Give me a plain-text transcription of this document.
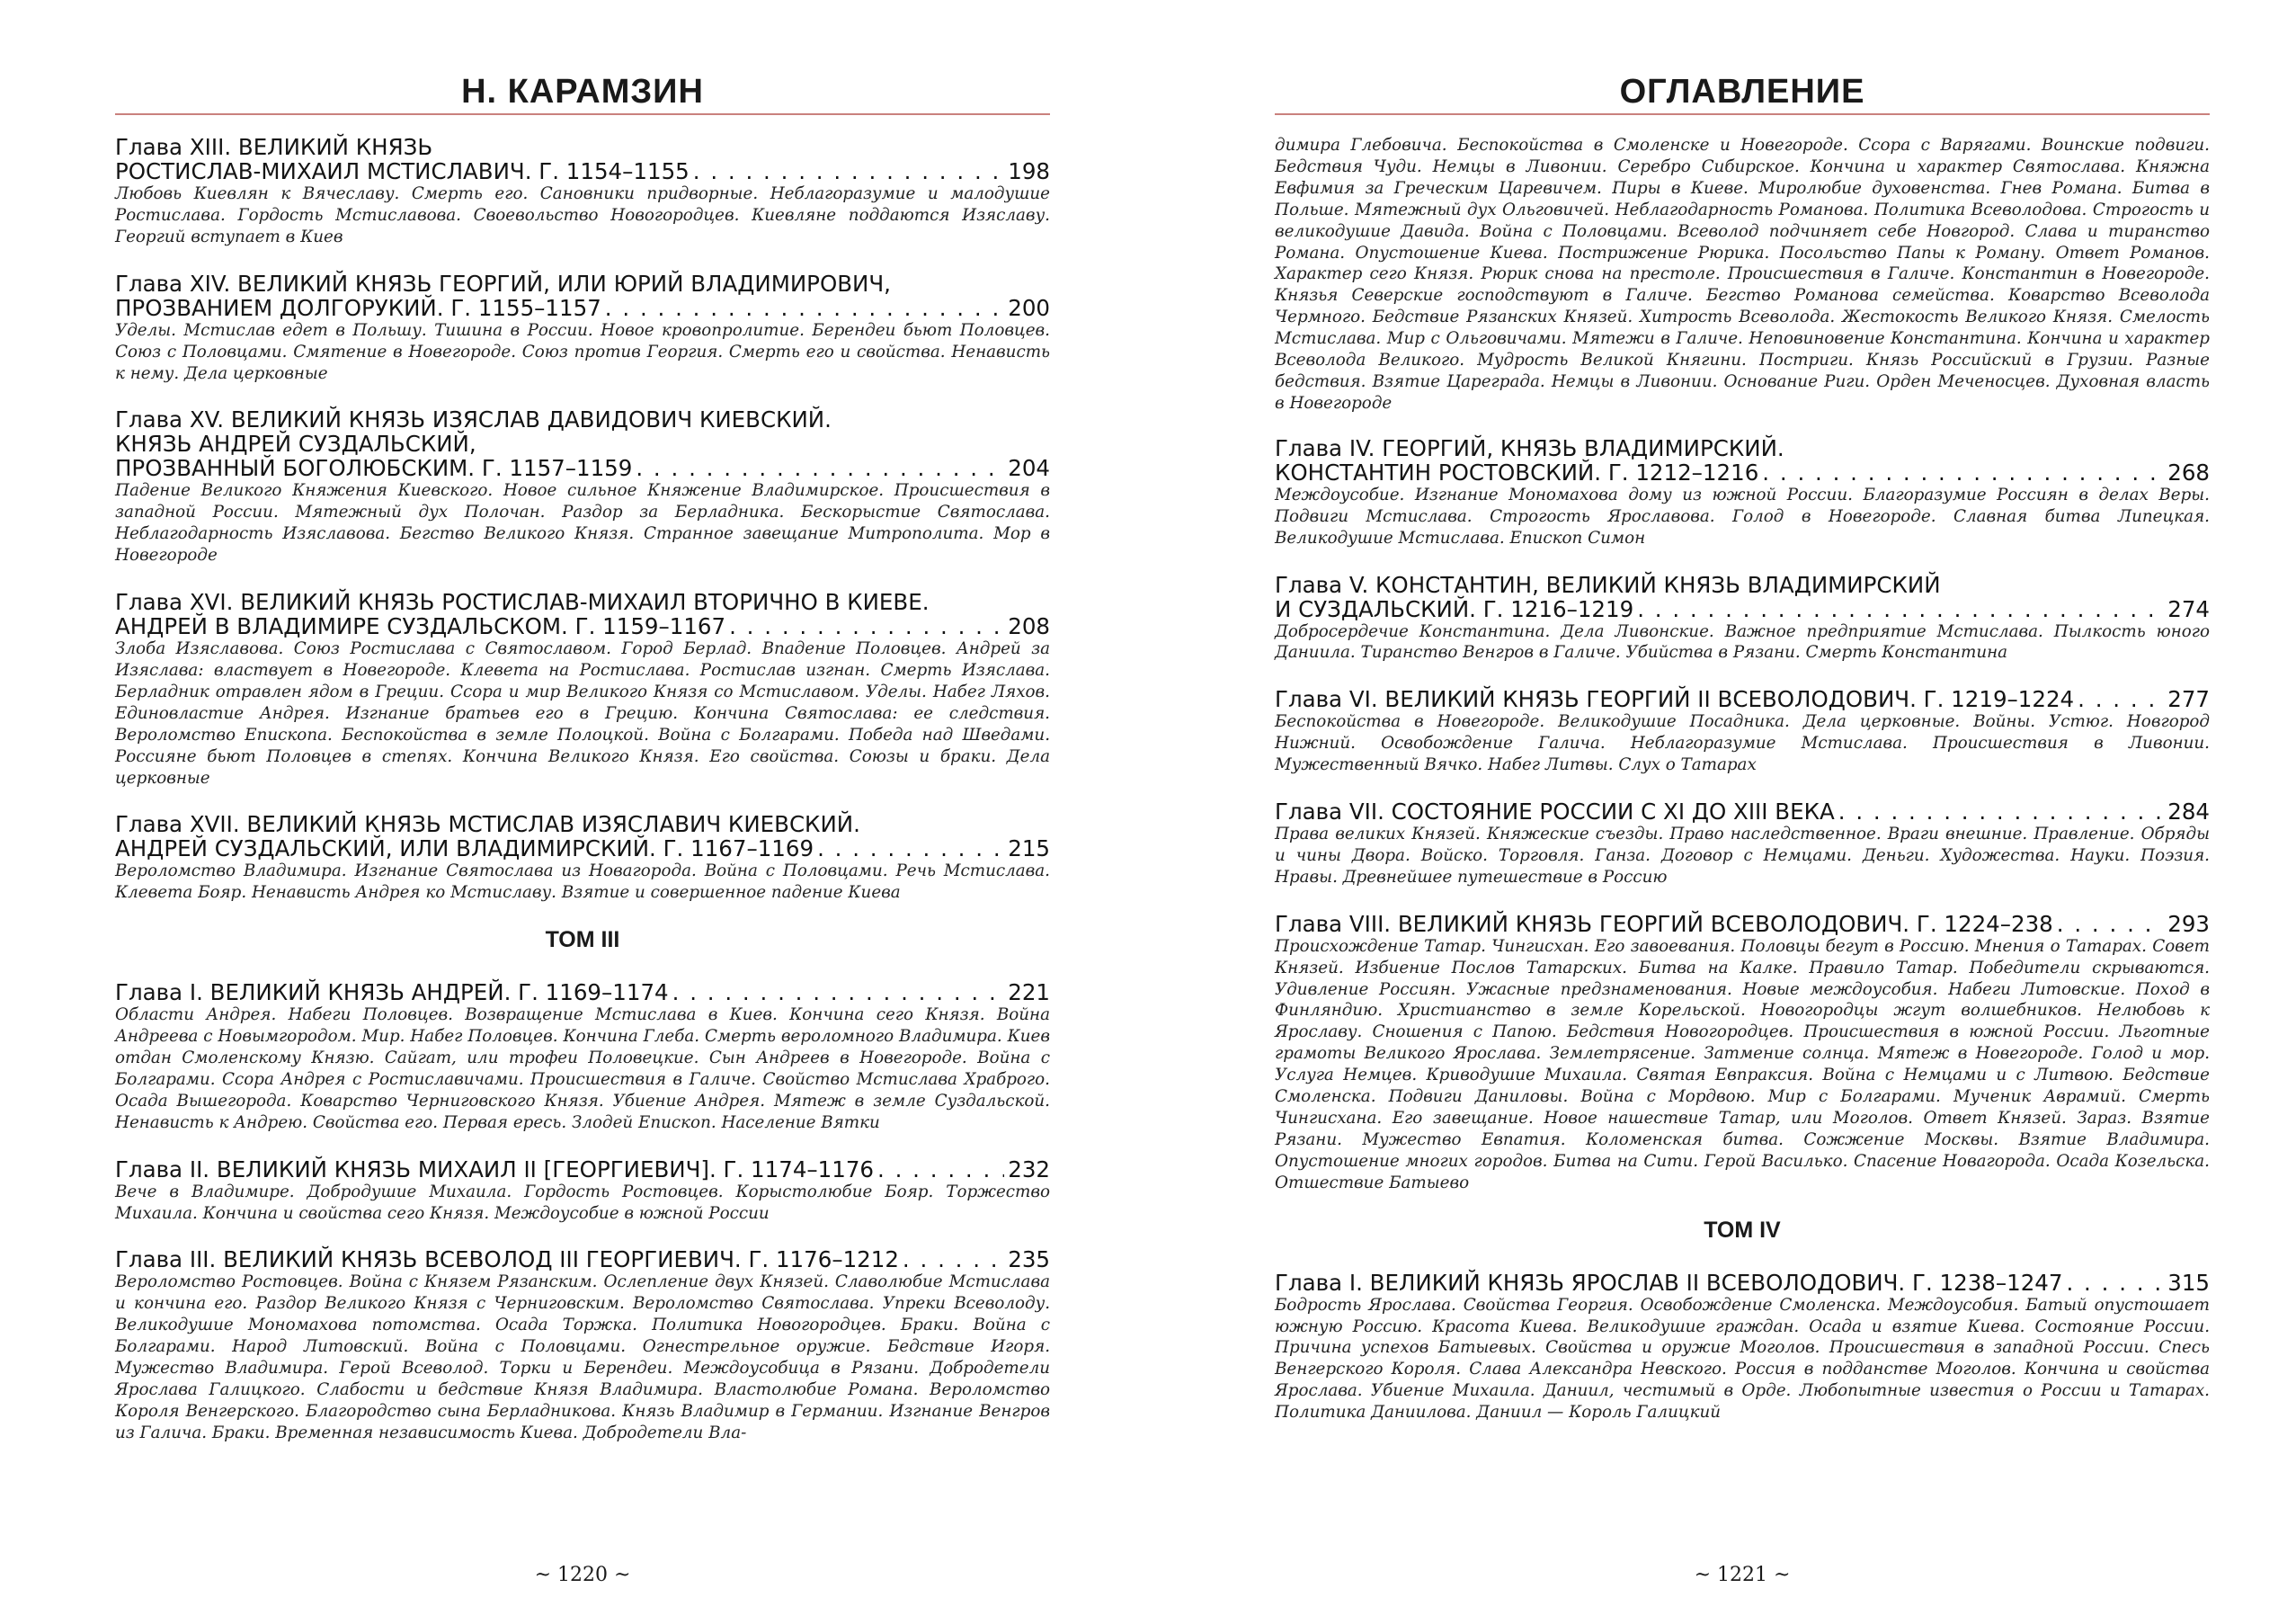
Н. КАРАМЗИН
Глава XIII. ВЕЛИКИЙ КНЯЗЬ
РОСТИСЛАВ-МИХАИЛ МСТИСЛАВИЧ. Г. 1154–1155 . . .	198
Любовь Киевлян к Вячеславу. Смерть его. Сановники придворные. Неблагоразумие и малодушие Ростислава. Гордость Мстиславова. Своевольство Новогородцев. Киевляне поддаются Изяславу. Георгий вступает в Киев
Глава XIV. ВЕЛИКИЙ КНЯЗЬ ГЕОРГИЙ, ИЛИ ЮРИЙ ВЛАДИМИРОВИЧ,
ПРОЗВАНИЕМ ДОЛГОРУКИЙ. Г. 1155–1157 . . .	200
Уделы. Мстислав едет в Польшу. Тишина в России. Новое кровопролитие. Берендеи бьют Половцев. Союз с Половцами. Смятение в Новегороде. Союз против Георгия. Смерть его и свойства. Ненависть к нему. Дела церковные
Глава XV. ВЕЛИКИЙ КНЯЗЬ ИЗЯСЛАВ ДАВИДОВИЧ КИЕВСКИЙ.
КНЯЗЬ АНДРЕЙ СУЗДАЛЬСКИЙ,
ПРОЗВАННЫЙ БОГОЛЮБСКИМ. Г. 1157–1159 . . .	204
Падение Великого Княжения Киевского. Новое сильное Княжение Владимирское. Происшествия в западной России. Мятежный дух Полочан. Раздор за Берладника. Бескорыстие Святослава. Неблагодарность Изяславова. Бегство Великого Князя. Странное завещание Митрополита. Мор в Новегороде
Глава XVI. ВЕЛИКИЙ КНЯЗЬ РОСТИСЛАВ-МИХАИЛ ВТОРИЧНО В КИЕВЕ.
АНДРЕЙ В ВЛАДИМИРЕ СУЗДАЛЬСКОМ. Г. 1159–1167 . . .	208
Злоба Изяславова. Союз Ростислава с Святославом. Город Берлад. Впадение Половцев. Андрей за Изяслава: властвует в Новегороде. Клевета на Ростислава. Ростислав изгнан. Смерть Изяслава. Берладник отравлен ядом в Греции. Ссора и мир Великого Князя со Мстиславом. Уделы. Набег Ляхов. Единовластие Андрея. Изгнание братьев его в Грецию. Кончина Святослава: ее следствия. Вероломство Епископа. Беспокойства в земле Полоцкой. Война с Болгарами. Победа над Шведами. Россияне бьют Половцев в степях. Кончина Великого Князя. Его свойства. Союзы и браки. Дела церковные
Глава XVII. ВЕЛИКИЙ КНЯЗЬ МСТИСЛАВ ИЗЯСЛАВИЧ КИЕВСКИЙ.
АНДРЕЙ СУЗДАЛЬСКИЙ, ИЛИ ВЛАДИМИРСКИЙ. Г. 1167–1169 . . .	215
Вероломство Владимира. Изгнание Святослава из Новагорода. Война с Половцами. Речь Мстислава. Клевета Бояр. Ненависть Андрея ко Мстиславу. Взятие и совершенное падение Киева
ТОМ III
Глава I. ВЕЛИКИЙ КНЯЗЬ АНДРЕЙ. Г. 1169–1174 . . .	221
Области Андрея. Набеги Половцев. Возвращение Мстислава в Киев. Кончина сего Князя. Война Андреева с Новымгородом. Мир. Набег Половцев. Кончина Глеба. Смерть вероломного Владимира. Киев отдан Смоленскому Князю. Сайгат, или трофеи Половецкие. Сын Андреев в Новегороде. Война с Болгарами. Ссора Андрея с Ростиславичами. Происшествия в Галиче. Свойство Мстислава Храброго. Осада Вышегорода. Коварство Черниговского Князя. Убиение Андрея. Мятеж в земле Суздальской. Ненависть к Андрею. Свойства его. Первая ересь. Злодей Епископ. Население Вятки
Глава II. ВЕЛИКИЙ КНЯЗЬ МИХАИЛ II [ГЕОРГИЕВИЧ]. Г. 1174–1176 . . .	232
Вече в Владимире. Добродушие Михаила. Гордость Ростовцев. Корыстолюбие Бояр. Торжество Михаила. Кончина и свойства сего Князя. Междоусобие в южной России
Глава III. ВЕЛИКИЙ КНЯЗЬ ВСЕВОЛОД III ГЕОРГИЕВИЧ. Г. 1176–1212 . . .	235
Вероломство Ростовцев. Война с Князем Рязанским. Ослепление двух Князей. Славолюбие Мстислава и кончина его. Раздор Великого Князя с Черниговским. Вероломство Святослава. Упреки Всеволоду. Великодушие Мономахова потомства. Осада Торжка. Политика Новогородцев. Браки. Война с Болгарами. Народ Литовский. Война с Половцами. Огнестрельное оружие. Бедствие Игоря. Мужество Владимира. Герой Всеволод. Торки и Берендеи. Междоусобица в Рязани. Добродетели Ярослава Галицкого. Слабости и бедствие Князя Владимира. Властолюбие Романа. Вероломство Короля Венгерского. Благородство сына Берладникова. Князь Владимир в Германии. Изгнание Венгров из Галича. Браки. Временная независимость Киева. Добродетели Вла-
~ 1220 ~
ОГЛАВЛЕНИЕ
димира Глебовича. Беспокойства в Смоленске и Новегороде. Ссора с Варягами. Воинские подвиги. Бедствия Чуди. Немцы в Ливонии. Серебро Сибирское. Кончина и характер Святослава. Княжна Евфимия за Греческим Царевичем. Пиры в Киеве. Миролюбие духовенства. Гнев Романа. Битва в Польше. Мятежный дух Ольговичей. Неблагодарность Романова. Политика Всеволодова. Строгость и великодушие Давида. Война с Половцами. Всеволод подчиняет себе Новгород. Слава и тиранство Романа. Опустошение Киева. Пострижение Рюрика. Посольство Папы к Роману. Ответ Романов. Характер сего Князя. Рюрик снова на престоле. Происшествия в Галиче. Константин в Новегороде. Князья Северские господствуют в Галиче. Бегство Романова семейства. Коварство Всеволода Чермного. Бедствие Рязанских Князей. Хитрость Всеволода. Жестокость Великого Князя. Смелость Мстислава. Мир с Ольговичами. Мятежи в Галиче. Неповиновение Константина. Кончина и характер Всеволода Великого. Мудрость Великой Княгини. Постриги. Князь Российский в Грузии. Разные бедствия. Взятие Цареграда. Немцы в Ливонии. Основание Риги. Орден Меченосцев. Духовная власть в Новегороде
Глава IV. ГЕОРГИЙ, КНЯЗЬ ВЛАДИМИРСКИЙ.
КОНСТАНТИН РОСТОВСКИЙ. Г. 1212–1216 . . .	268
Междоусобие. Изгнание Мономахова дому из южной России. Благоразумие Россиян в делах Веры. Подвиги Мстислава. Строгость Ярославова. Голод в Новегороде. Славная битва Липецкая. Великодушие Мстислава. Епископ Симон
Глава V. КОНСТАНТИН, ВЕЛИКИЙ КНЯЗЬ ВЛАДИМИРСКИЙ
И СУЗДАЛЬСКИЙ. Г. 1216–1219 . . .	274
Добросердечие Константина. Дела Ливонские. Важное предприятие Мстислава. Пылкость юного Даниила. Тиранство Венгров в Галиче. Убийства в Рязани. Смерть Константина
Глава VI. ВЕЛИКИЙ КНЯЗЬ ГЕОРГИЙ II ВСЕВОЛОДОВИЧ. Г. 1219–1224 . . .	277
Беспокойства в Новегороде. Великодушие Посадника. Дела церковные. Войны. Устюг. Новгород Нижний. Освобождение Галича. Неблагоразумие Мстислава. Происшествия в Ливонии. Мужественный Вячко. Набег Литвы. Слух о Татарах
Глава VII. СОСТОЯНИЕ РОССИИ С XI ДО XIII ВЕКА . . .	284
Права великих Князей. Княжеские съезды. Право наследственное. Враги внешние. Правление. Обряды и чины Двора. Войско. Торговля. Ганза. Договор с Немцами. Деньги. Художества. Науки. Поэзия. Нравы. Древнейшее путешествие в Россию
Глава VIII. ВЕЛИКИЙ КНЯЗЬ ГЕОРГИЙ ВСЕВОЛОДОВИЧ. Г. 1224–238 . . .	293
Происхождение Татар. Чингисхан. Его завоевания. Половцы бегут в Россию. Мнения о Татарах. Совет Князей. Избиение Послов Татарских. Битва на Калке. Правило Татар. Победители скрываются. Удивление Россиян. Ужасные предзнаменования. Новые междоусобия. Набеги Литовские. Поход в Финляндию. Христианство в земле Корельской. Новогородцы жгут волшебников. Нелюбовь к Ярославу. Сношения с Папою. Бедствия Новогородцев. Происшествия в южной России. Льготные грамоты Великого Ярослава. Землетрясение. Затмение солнца. Мятеж в Новегороде. Голод и мор. Услуга Немцев. Криводушие Михаила. Святая Евпраксия. Война с Немцами и с Литвою. Бедствие Смоленска. Подвиги Даниловы. Война с Мордвою. Мир с Болгарами. Мученик Аврамий. Смерть Чингисхана. Его завещание. Новое нашествие Татар, или Моголов. Ответ Князей. Зараз. Взятие Рязани. Мужество Евпатия. Коломенская битва. Сожжение Москвы. Взятие Владимира. Опустошение многих городов. Битва на Сити. Герой Василько. Спасение Новагорода. Осада Козельска. Отшествие Батыево
ТОМ IV
Глава I. ВЕЛИКИЙ КНЯЗЬ ЯРОСЛАВ II ВСЕВОЛОДОВИЧ. Г. 1238–1247 . . .	315
Бодрость Ярослава. Свойства Георгия. Освобождение Смоленска. Междоусобия. Батый опустошает южную Россию. Красота Киева. Великодушие граждан. Осада и взятие Киева. Состояние России. Причина успехов Батыевых. Свойства и оружие Моголов. Происшествия в западной России. Спесь Венгерского Короля. Слава Александра Невского. Россия в подданстве Моголов. Кончина и свойства Ярослава. Убиение Михаила. Даниил, честимый в Орде. Любопытные известия о России и Татарах. Политика Даниилова. Даниил — Король Галицкий
~ 1221 ~
